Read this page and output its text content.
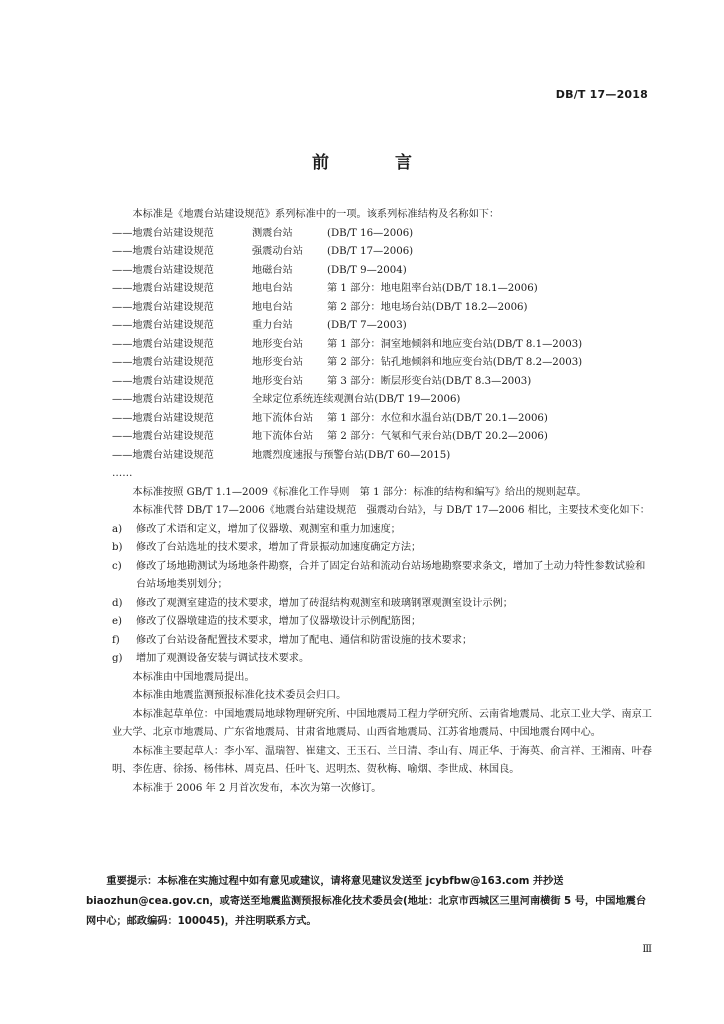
DB/T 17—2018
前 言

本标准是《地震台站建设规范》系列标准中的一项。该系列标准结构及名称如下：

——地震台站建设规范	测震台站	(DB/T 16—2006)
——地震台站建设规范	强震动台站	(DB/T 17—2006)
——地震台站建设规范	地磁台站	(DB/T 9—2004)
——地震台站建设规范	地电台站	第 1 部分：地电阻率台站(DB/T 18.1—2006)
——地震台站建设规范	地电台站	第 2 部分：地电场台站(DB/T 18.2—2006)
——地震台站建设规范	重力台站	(DB/T 7—2003)
——地震台站建设规范	地形变台站	第 1 部分：洞室地倾斜和地应变台站(DB/T 8.1—2003)
——地震台站建设规范	地形变台站	第 2 部分：钻孔地倾斜和地应变台站(DB/T 8.2—2003)
——地震台站建设规范	地形变台站	第 3 部分：断层形变台站(DB/T 8.3—2003)
——地震台站建设规范	全球定位系统连续观测台站(DB/T 19—2006)
——地震台站建设规范	地下流体台站	第 1 部分：水位和水温台站(DB/T 20.1—2006)
——地震台站建设规范	地下流体台站	第 2 部分：气氡和气汞台站(DB/T 20.2—2006)
——地震台站建设规范	地震烈度速报与预警台站(DB/T 60—2015)

……

本标准按照 GB/T 1.1—2009《标准化工作导则　第 1 部分：标准的结构和编写》给出的规则起草。

本标准代替 DB/T 17—2006《地震台站建设规范　强震动台站》，与 DB/T 17—2006 相比，主要技术变化如下：

a)	修改了术语和定义，增加了仪器墩、观测室和重力加速度；
b)	修改了台站选址的技术要求，增加了背景振动加速度确定方法；
c)	修改了场地勘测试为场地条件勘察，合并了固定台站和流动台站场地勘察要求条文，增加了土动力特性参数试验和台站场地类别划分；
d)	修改了观测室建造的技术要求，增加了砖混结构观测室和玻璃钢罩观测室设计示例；
e)	修改了仪器墩建造的技术要求，增加了仪器墩设计示例配筋图；
f)	修改了台站设备配置技术要求，增加了配电、通信和防雷设施的技术要求；
g)	增加了观测设备安装与调试技术要求。

本标准由中国地震局提出。

本标准由地震监测预报标准化技术委员会归口。

本标准起草单位：中国地震局地球物理研究所、中国地震局工程力学研究所、云南省地震局、北京工业大学、南京工业大学、北京市地震局、广东省地震局、甘肃省地震局、山西省地震局、江苏省地震局、中国地震台网中心。

本标准主要起草人：李小军、温瑞智、崔建文、王玉石、兰日清、李山有、周正华、于海英、俞言祥、王湘南、叶春明、李佐唐、徐扬、杨伟林、周克昌、任叶飞、迟明杰、贺秋梅、喻烟、李世成、林国良。

本标准于 2006 年 2 月首次发布，本次为第一次修订。

重要提示：本标准在实施过程中如有意见或建议，请将意见建议发送至 jcybfbw@163.com 并抄送 biaozhun@cea.gov.cn，或寄送至地震监测预报标准化技术委员会(地址：北京市西城区三里河南横街 5 号，中国地震台网中心；邮政编码：100045)，并注明联系方式。

Ⅲ
